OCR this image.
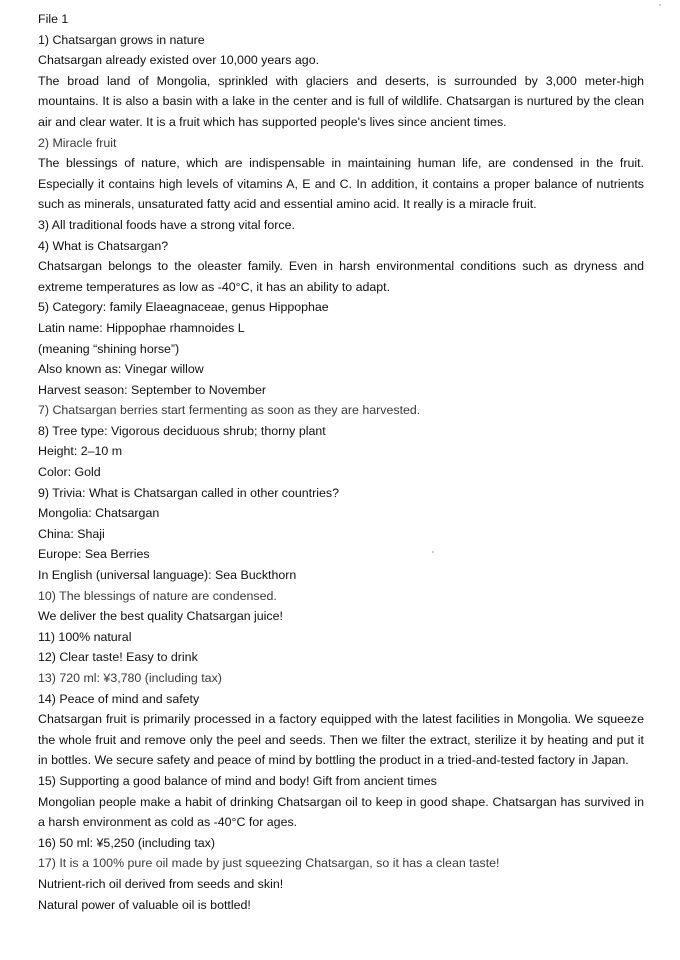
File 1

1) Chatsargan grows in nature

Chatsargan already existed over 10,000 years ago.

The broad land of Mongolia, sprinkled with glaciers and deserts, is surrounded by 3,000 meter-high mountains. It is also a basin with a lake in the center and is full of wildlife. Chatsargan is nurtured by the clean air and clear water. It is a fruit which has supported people's lives since ancient times.

2) Miracle fruit

The blessings of nature, which are indispensable in maintaining human life, are condensed in the fruit. Especially it contains high levels of vitamins A, E and C. In addition, it contains a proper balance of nutrients such as minerals, unsaturated fatty acid and essential amino acid. It really is a miracle fruit.

3) All traditional foods have a strong vital force.

4) What is Chatsargan?

Chatsargan belongs to the oleaster family. Even in harsh environmental conditions such as dryness and extreme temperatures as low as -40°C, it has an ability to adapt.

5) Category: family Elaeagnaceae, genus Hippophae

Latin name: Hippophae rhamnoides L

(meaning “shining horse”)

Also known as: Vinegar willow

Harvest season: September to November

7) Chatsargan berries start fermenting as soon as they are harvested.

8) Tree type: Vigorous deciduous shrub; thorny plant

Height: 2–10 m

Color: Gold

9) Trivia: What is Chatsargan called in other countries?

Mongolia: Chatsargan

China: Shaji

Europe: Sea Berries

In English (universal language): Sea Buckthorn

10) The blessings of nature are condensed.

We deliver the best quality Chatsargan juice!

11) 100% natural

12) Clear taste! Easy to drink

13) 720 ml: ¥3,780 (including tax)

14) Peace of mind and safety

Chatsargan fruit is primarily processed in a factory equipped with the latest facilities in Mongolia. We squeeze the whole fruit and remove only the peel and seeds. Then we filter the extract, sterilize it by heating and put it in bottles. We secure safety and peace of mind by bottling the product in a tried-and-tested factory in Japan.

15) Supporting a good balance of mind and body! Gift from ancient times

Mongolian people make a habit of drinking Chatsargan oil to keep in good shape. Chatsargan has survived in a harsh environment as cold as -40°C for ages.

16) 50 ml: ¥5,250 (including tax)

17) It is a 100% pure oil made by just squeezing Chatsargan, so it has a clean taste!

Nutrient-rich oil derived from seeds and skin!

Natural power of valuable oil is bottled!
